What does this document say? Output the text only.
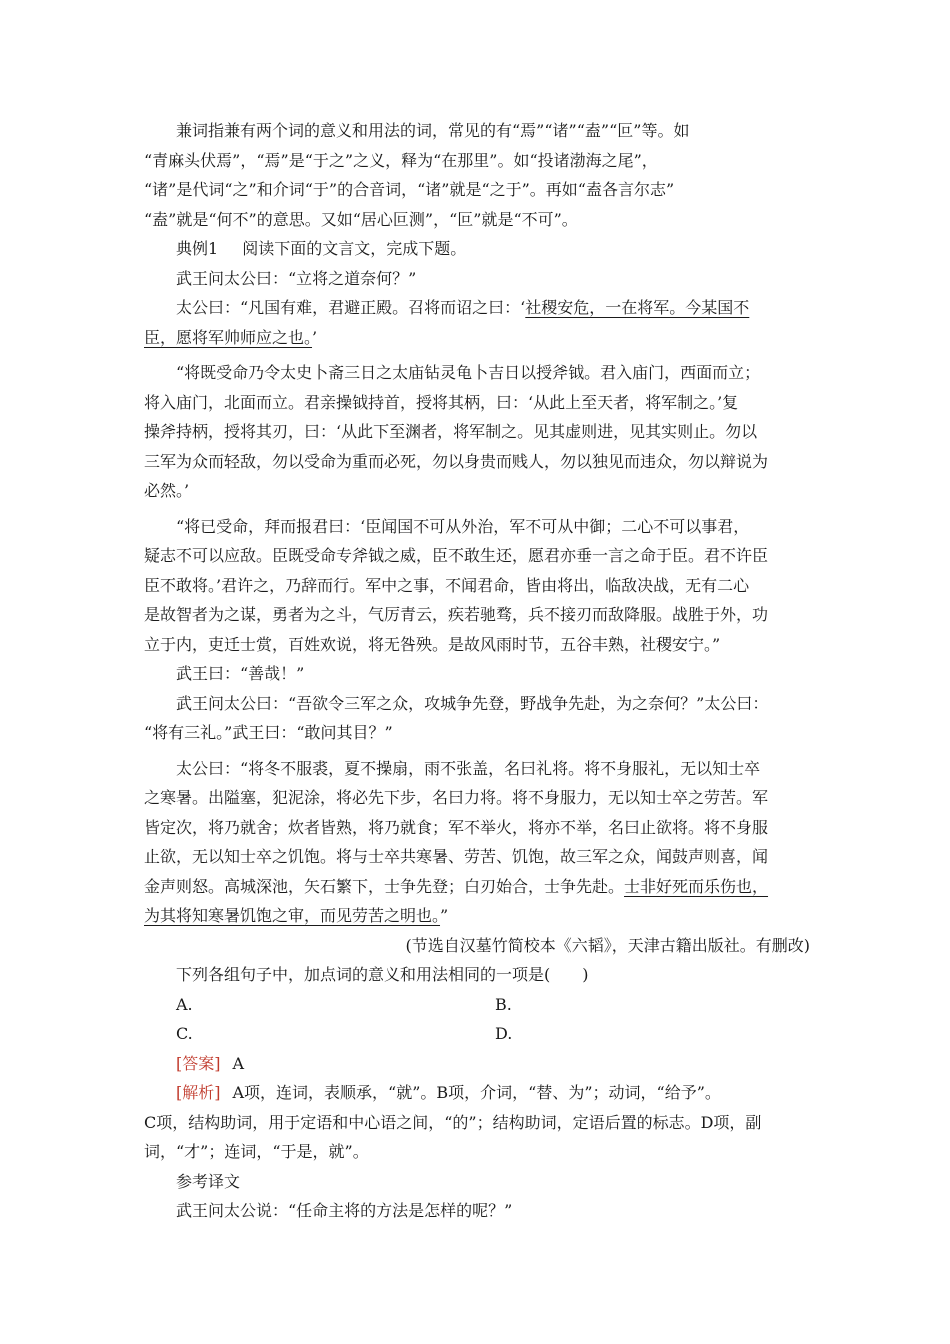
兼词指兼有两个词的意义和用法的词，常见的有“焉”“诸”“盍”“叵”等。如
“青麻头伏焉”，“焉”是“于之”之义，释为“在那里”。如“投诸渤海之尾”，
“诸”是代词“之”和介词“于”的合音词，“诸”就是“之于”。再如“盍各言尔志”
“盍”就是“何不”的意思。又如“居心叵测”，“叵”就是“不可”。
典例1 阅读下面的文言文，完成下题。
武王问太公曰：“立将之道奈何？”
太公曰：“凡国有难，君避正殿。召将而诏之曰：‘社稷安危，一在将军。今某国不
臣，愿将军帅师应之也。’
“将既受命乃令太史卜斋三日之太庙钻灵龟卜吉日以授斧钺。君入庙门，西面而立；
将入庙门，北面而立。君亲操钺持首，授将其柄，曰：‘从此上至天者，将军制之。’复
操斧持柄，授将其刃，曰：‘从此下至渊者，将军制之。见其虚则进，见其实则止。勿以
三军为众而轻敌，勿以受命为重而必死，勿以身贵而贱人，勿以独见而违众，勿以辩说为
必然。’
“将已受命，拜而报君曰：‘臣闻国不可从外治，军不可从中御；二心不可以事君，
疑志不可以应敌。臣既受命专斧钺之威，臣不敢生还，愿君亦垂一言之命于臣。君不许臣
臣不敢将。’君许之，乃辞而行。军中之事，不闻君命，皆由将出，临敌决战，无有二心
是故智者为之谋，勇者为之斗，气厉青云，疾若驰骛，兵不接刃而敌降服。战胜于外，功
立于内，吏迁士赏，百姓欢说，将无咎殃。是故风雨时节，五谷丰熟，社稷安宁。”
武王曰：“善哉！”
武王问太公曰：“吾欲令三军之众，攻城争先登，野战争先赴，为之奈何？”太公曰：
“将有三礼。”武王曰：“敢问其目？”
太公曰：“将冬不服裘，夏不操扇，雨不张盖，名曰礼将。将不身服礼，无以知士卒
之寒暑。出隘塞，犯泥涂，将必先下步，名曰力将。将不身服力，无以知士卒之劳苦。军
皆定次，将乃就舍；炊者皆熟，将乃就食；军不举火，将亦不举，名曰止欲将。将不身服
止欲，无以知士卒之饥饱。将与士卒共寒暑、劳苦、饥饱，故三军之众，闻鼓声则喜，闻
金声则怒。高城深池，矢石繁下，士争先登；白刃始合，士争先赴。士非好死而乐伤也，
为其将知寒暑饥饱之审，而见劳苦之明也。”
(节选自汉墓竹简校本《六韬》，天津古籍出版社。有删改)
下列各组句子中，加点词的意义和用法相同的一项是(　　)
A.	B.
C.	D.
[答案] A
[解析] A项，连词，表顺承，“就”。B项，介词，“替、为”；动词，“给予”。
C项，结构助词，用于定语和中心语之间，“的”；结构助词，定语后置的标志。D项，副
词，“才”；连词，“于是，就”。
参考译文
武王问太公说：“任命主将的方法是怎样的呢？”
